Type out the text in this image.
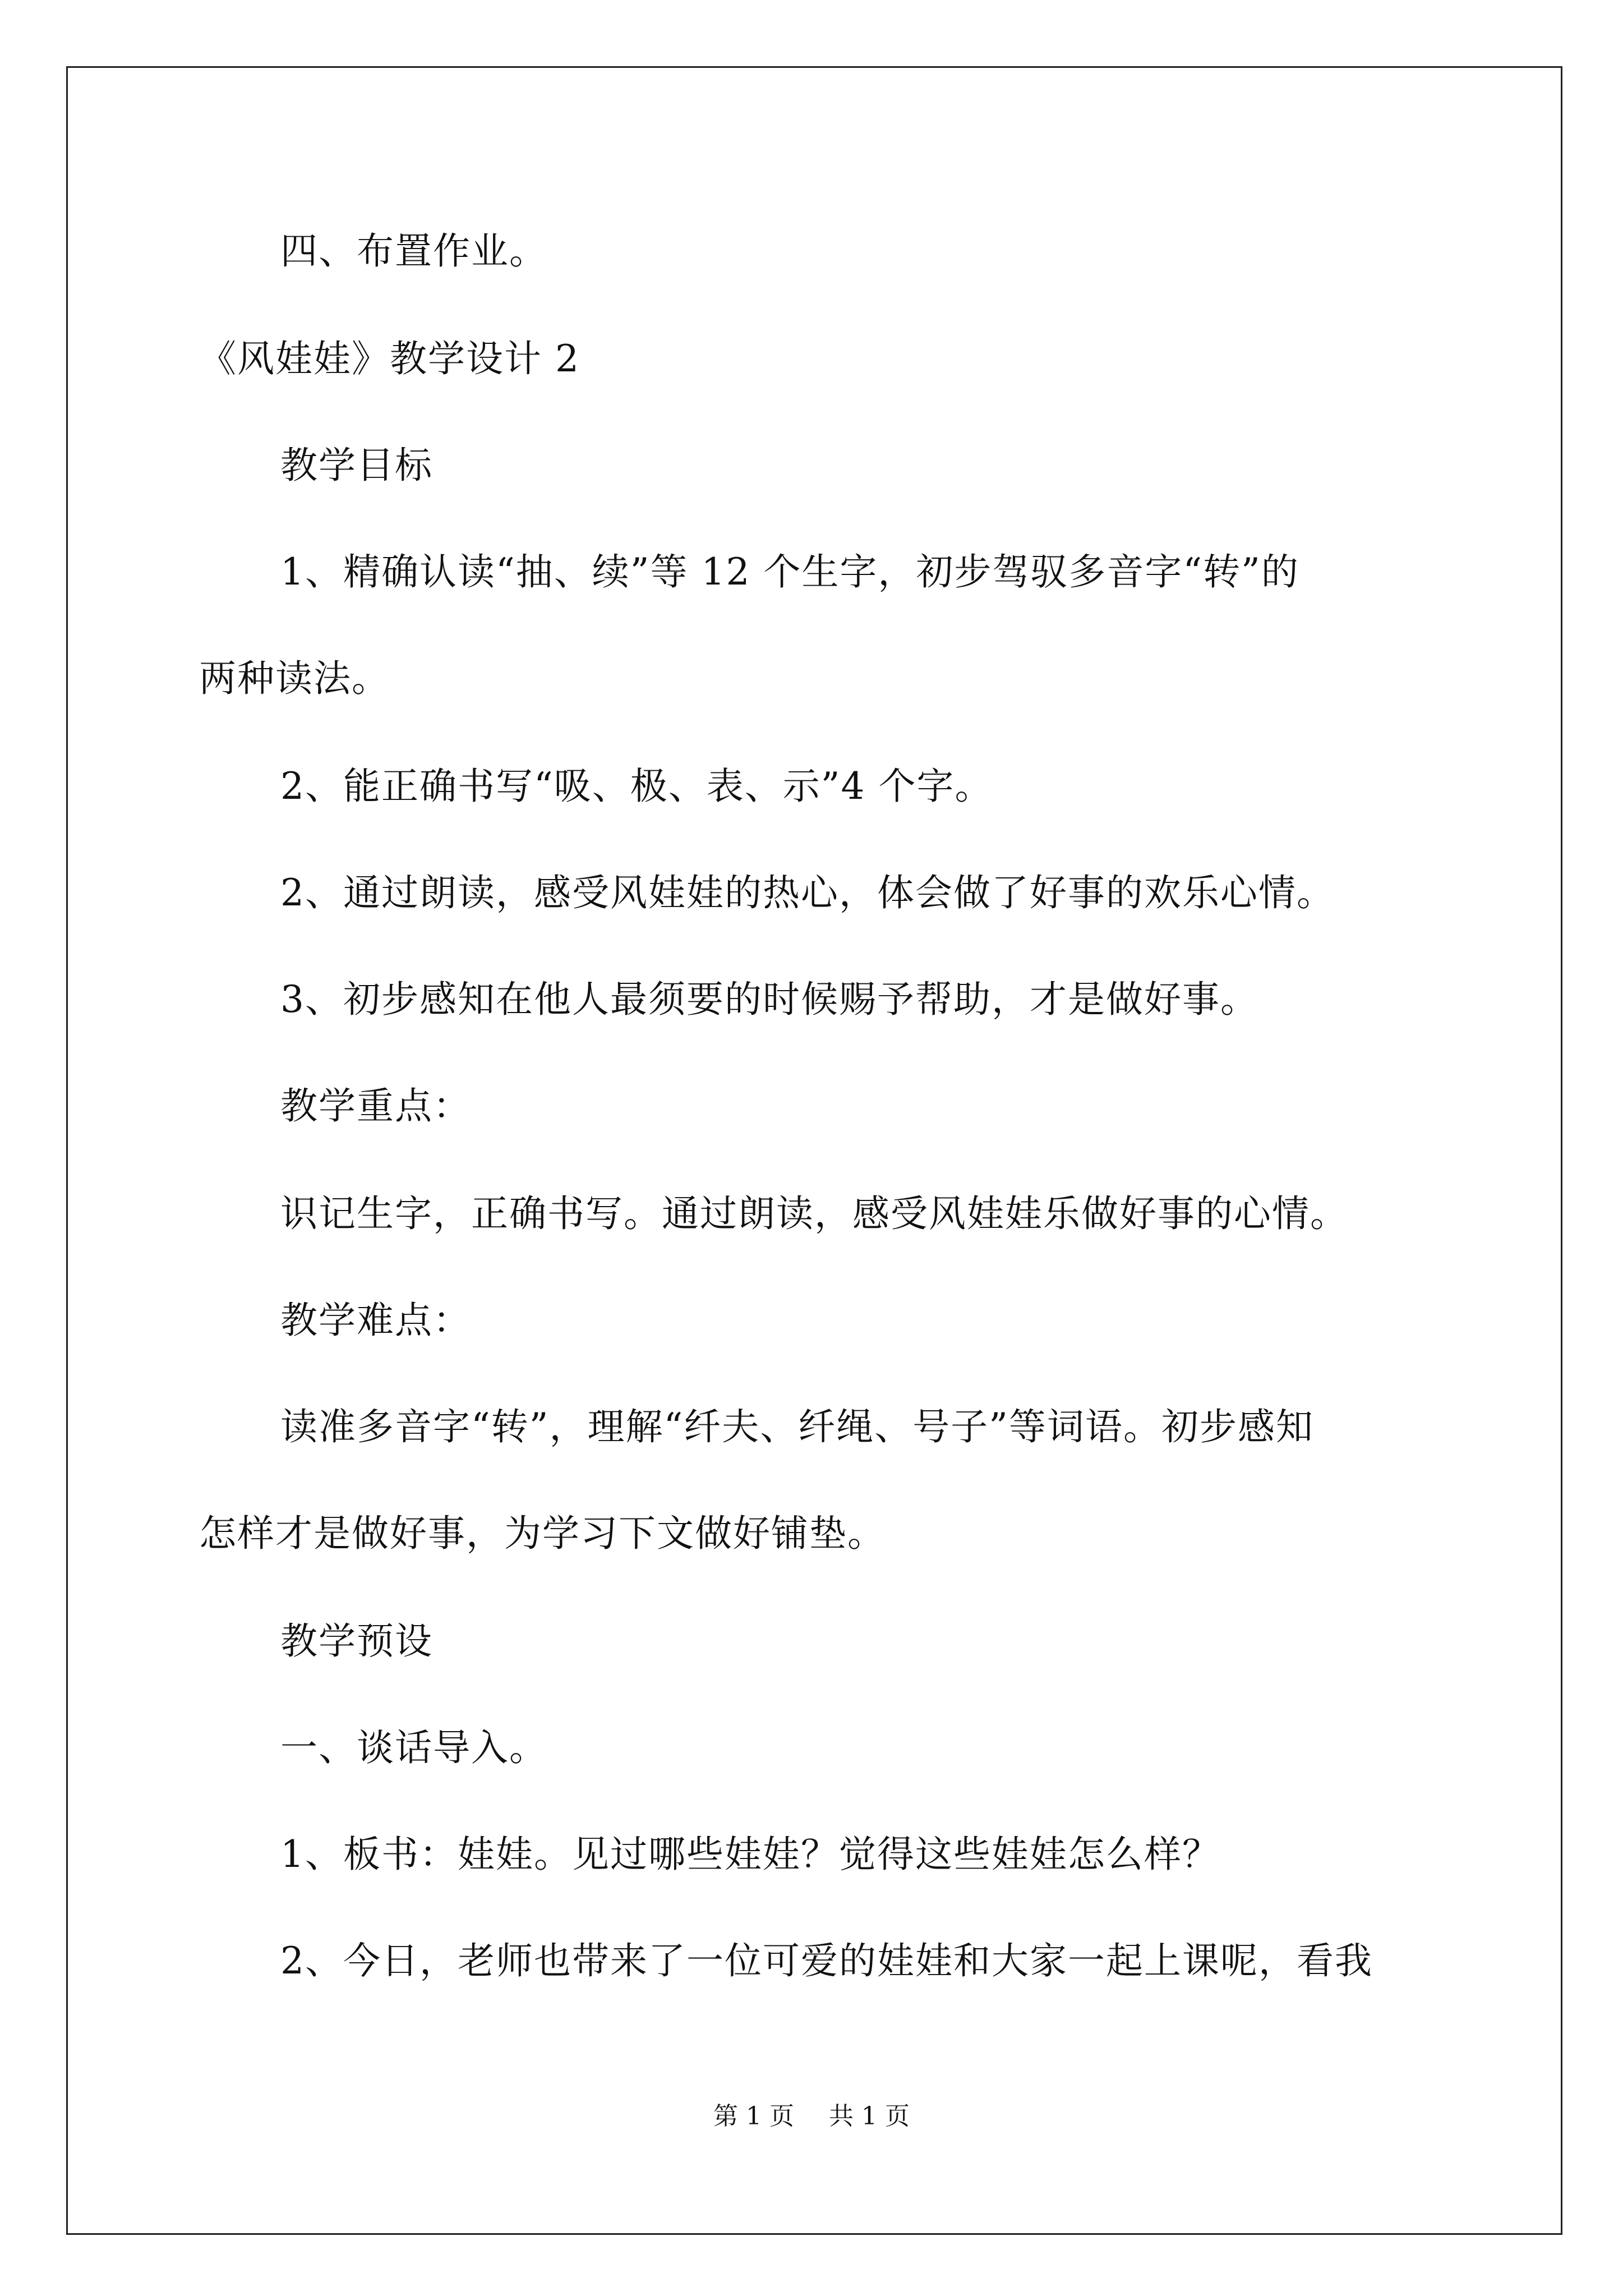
四、布置作业。
《风娃娃》教学设计 2
教学目标
1、精确认读“抽、续”等 12 个生字，初步驾驭多音字“转”的
两种读法。
2、能正确书写“吸、极、表、示”4 个字。
2、通过朗读，感受风娃娃的热心，体会做了好事的欢乐心情。
3、初步感知在他人最须要的时候赐予帮助，才是做好事。
教学重点：
识记生字，正确书写。通过朗读，感受风娃娃乐做好事的心情。
教学难点：
读准多音字“转”，理解“纤夫、纤绳、号子”等词语。初步感知
怎样才是做好事，为学习下文做好铺垫。
教学预设
一、谈话导入。
1、板书：娃娃。见过哪些娃娃？觉得这些娃娃怎么样？
2、今日，老师也带来了一位可爱的娃娃和大家一起上课呢，看我
第 1 页 共 1 页
